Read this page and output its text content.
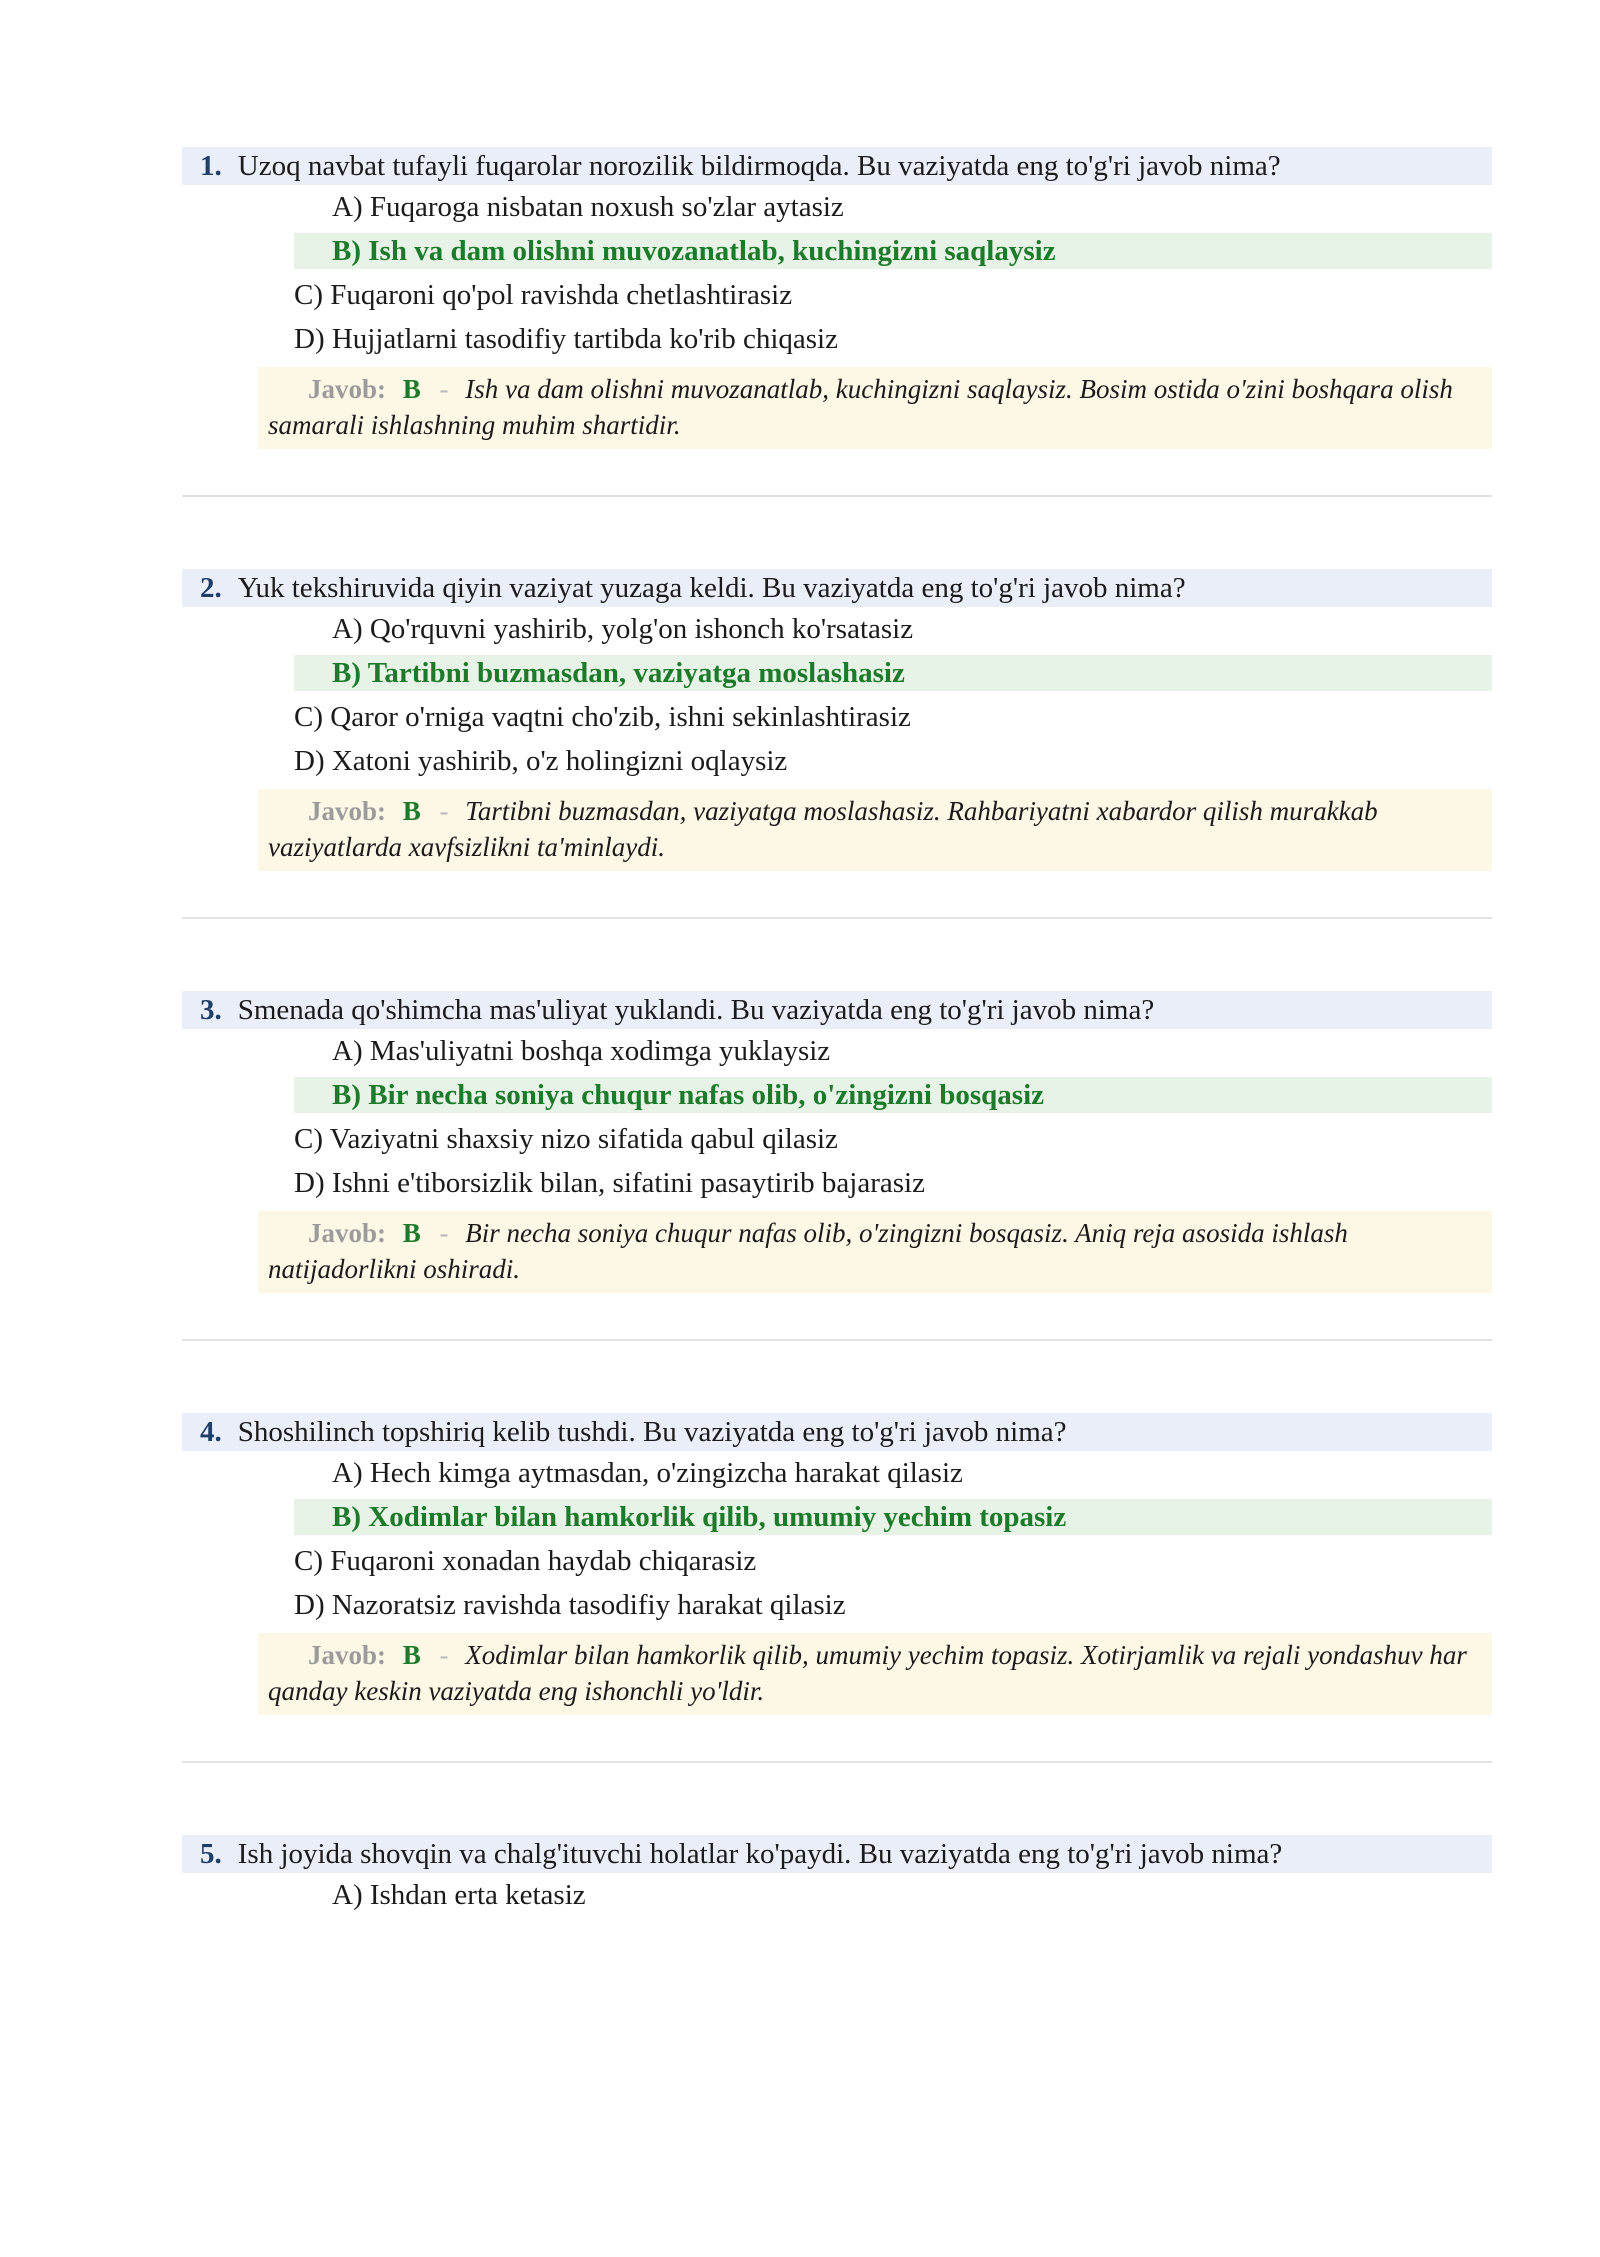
1. Uzoq navbat tufayli fuqarolar norozilik bildirmoqda. Bu vaziyatda eng to'g'ri javob nima?
A) Fuqaroga nisbatan noxush so'zlar aytasiz
B) Ish va dam olishni muvozanatlab, kuchingizni saqlaysiz
C) Fuqaroni qo'pol ravishda chetlashtirasiz
D) Hujjatlarni tasodifiy tartibda ko'rib chiqasiz
Javob: B - Ish va dam olishni muvozanatlab, kuchingizni saqlaysiz. Bosim ostida o'zini boshqara olish samarali ishlashning muhim shartidir.
2. Yuk tekshiruvida qiyin vaziyat yuzaga keldi. Bu vaziyatda eng to'g'ri javob nima?
A) Qo'rquvni yashirib, yolg'on ishonch ko'rsatasiz
B) Tartibni buzmasdan, vaziyatga moslashasiz
C) Qaror o'rniga vaqtni cho'zib, ishni sekinlashtirasiz
D) Xatoni yashirib, o'z holingizni oqlaysiz
Javob: B - Tartibni buzmasdan, vaziyatga moslashasiz. Rahbariyatni xabardor qilish murakkab vaziyatlarda xavfsizlikni ta'minlaydi.
3. Smenada qo'shimcha mas'uliyat yuklandi. Bu vaziyatda eng to'g'ri javob nima?
A) Mas'uliyatni boshqa xodimga yuklaysiz
B) Bir necha soniya chuqur nafas olib, o'zingizni bosqasiz
C) Vaziyatni shaxsiy nizo sifatida qabul qilasiz
D) Ishni e'tiborsizlik bilan, sifatini pasaytirib bajarasiz
Javob: B - Bir necha soniya chuqur nafas olib, o'zingizni bosqasiz. Aniq reja asosida ishlash natijadorlikni oshiradi.
4. Shoshilinch topshiriq kelib tushdi. Bu vaziyatda eng to'g'ri javob nima?
A) Hech kimga aytmasdan, o'zingizcha harakat qilasiz
B) Xodimlar bilan hamkorlik qilib, umumiy yechim topasiz
C) Fuqaroni xonadan haydab chiqarasiz
D) Nazoratsiz ravishda tasodifiy harakat qilasiz
Javob: B - Xodimlar bilan hamkorlik qilib, umumiy yechim topasiz. Xotirjamlik va rejali yondashuv har qanday keskin vaziyatda eng ishonchli yo'ldir.
5. Ish joyida shovqin va chalg'ituvchi holatlar ko'paydi. Bu vaziyatda eng to'g'ri javob nima?
A) Ishdan erta ketasiz
